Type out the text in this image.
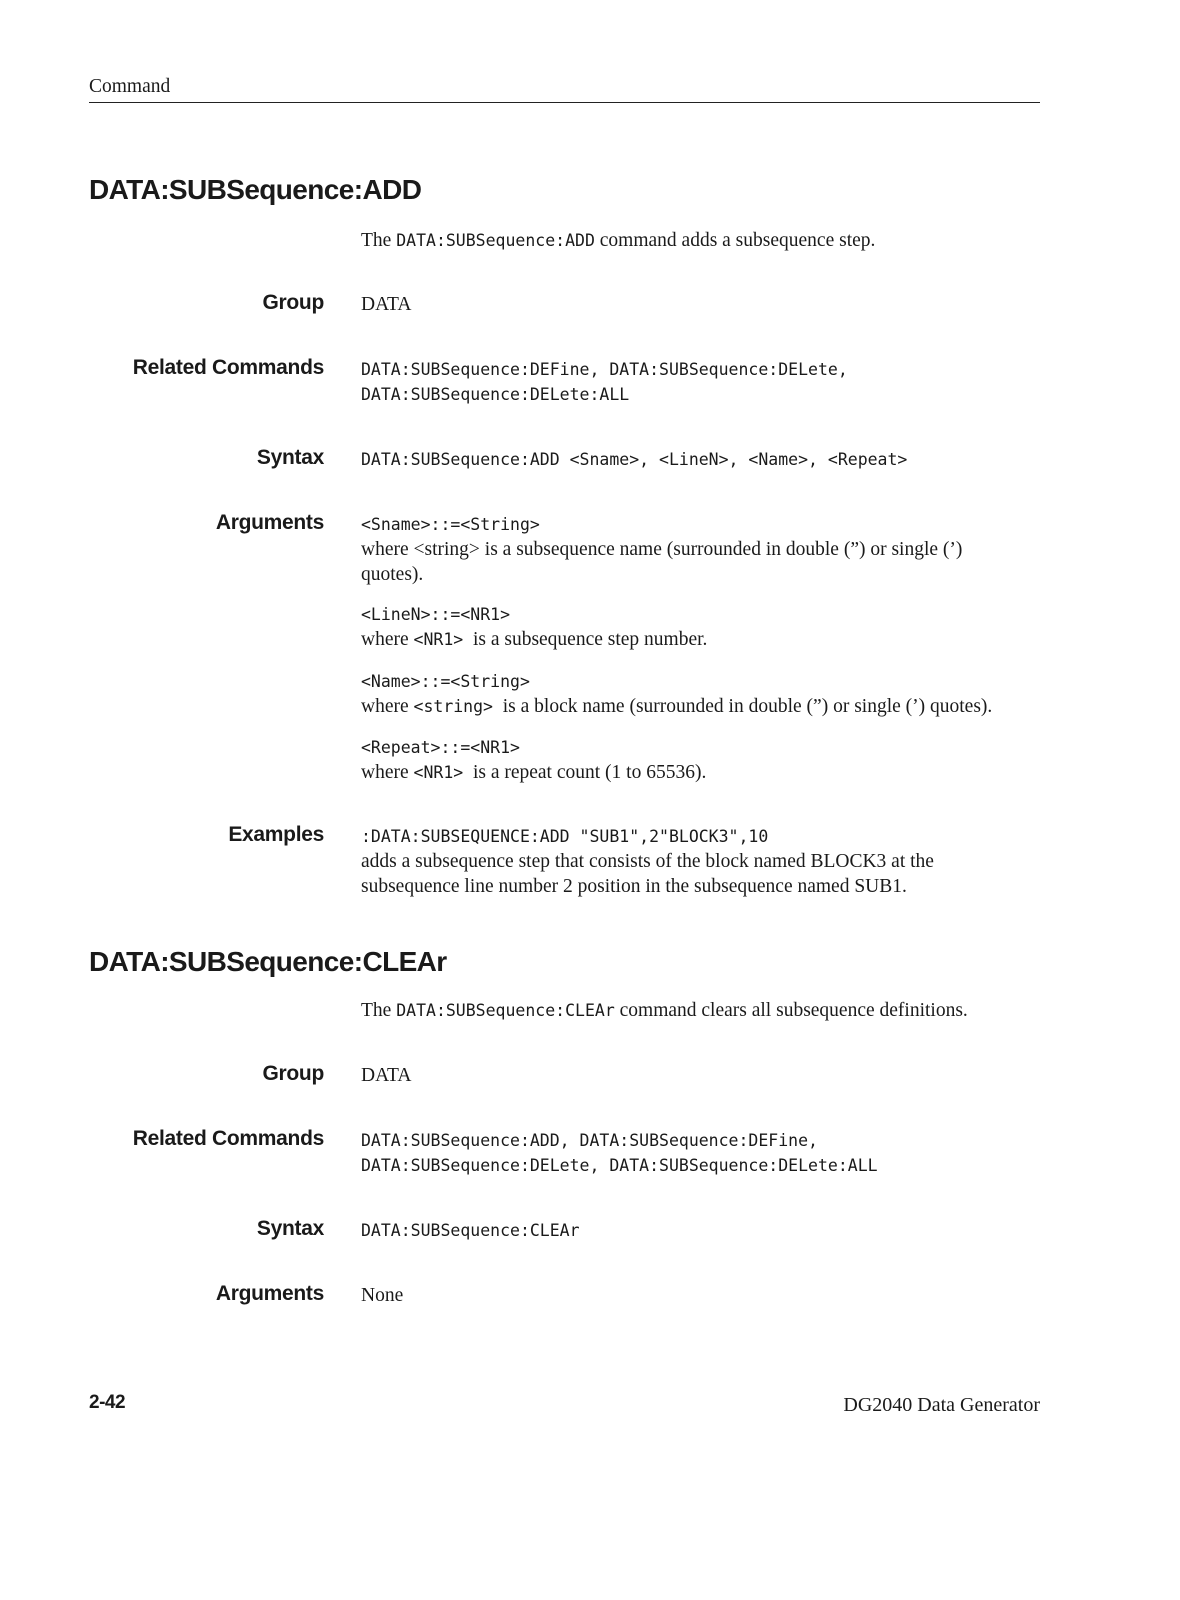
Command
DATA:SUBSequence:ADD
The DATA:SUBSequence:ADD command adds a subsequence step.
Group DATA
Related Commands DATA:SUBSequence:DEFine, DATA:SUBSequence:DELete,
DATA:SUBSequence:DELete:ALL
Syntax DATA:SUBSequence:ADD <Sname>, <LineN>, <Name>, <Repeat>
Arguments <Sname>::=<String>
where <string> is a subsequence name (surrounded in double (”) or single (’) quotes).
<LineN>::=<NR1>
where <NR1>  is a subsequence step number.
<Name>::=<String>
where <string>  is a block name (surrounded in double (”) or single (’) quotes).
<Repeat>::=<NR1>
where <NR1>  is a repeat count (1 to 65536).
Examples :DATA:SUBSEQUENCE:ADD "SUB1",2"BLOCK3",10
adds a subsequence step that consists of the block named BLOCK3 at the subsequence line number 2 position in the subsequence named SUB1.
DATA:SUBSequence:CLEAr
The DATA:SUBSequence:CLEAr command clears all subsequence definitions.
Group DATA
Related Commands DATA:SUBSequence:ADD, DATA:SUBSequence:DEFine,
DATA:SUBSequence:DELete, DATA:SUBSequence:DELete:ALL
Syntax DATA:SUBSequence:CLEAr
Arguments None
2-42	DG2040 Data Generator
